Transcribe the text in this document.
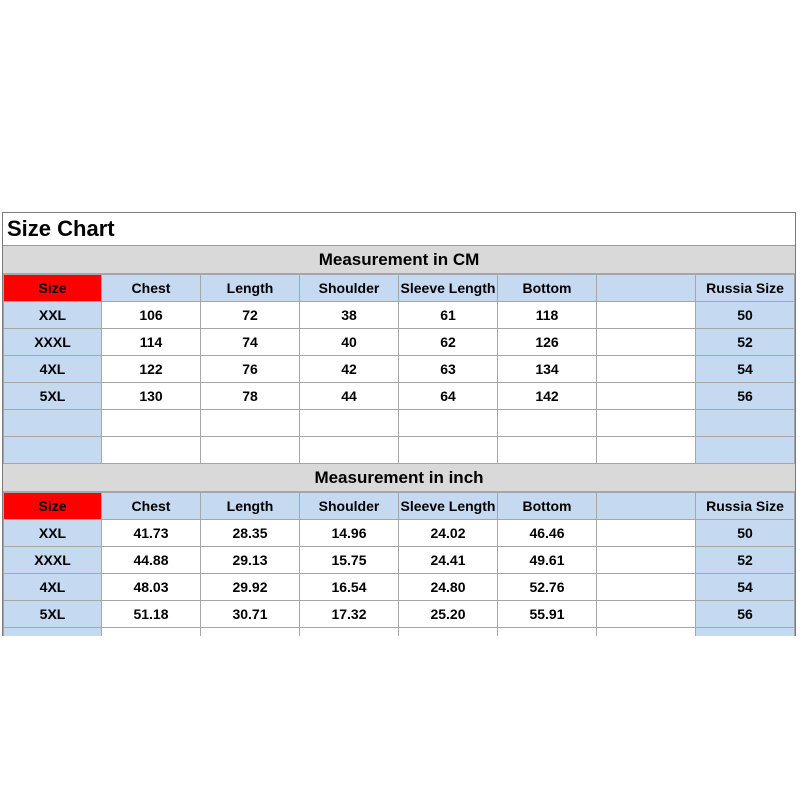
Size Chart
Measurement in CM
Size	Chest	Length	Shoulder	Sleeve Length	Bottom		Russia Size
XXL	106	72	38	61	118		50
XXXL	114	74	40	62	126		52
4XL	122	76	42	63	134		54
5XL	130	78	44	64	142		56

Measurement in inch
Size	Chest	Length	Shoulder	Sleeve Length	Bottom		Russia Size
XXL	41.73	28.35	14.96	24.02	46.46		50
XXXL	44.88	29.13	15.75	24.41	49.61		52
4XL	48.03	29.92	16.54	24.80	52.76		54
5XL	51.18	30.71	17.32	25.20	55.91		56
